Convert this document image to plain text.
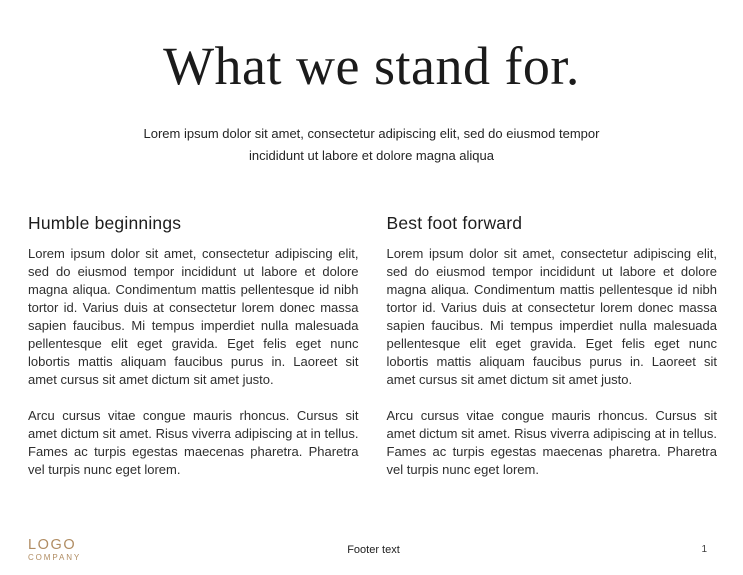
What we stand for.

Lorem ipsum dolor sit amet, consectetur adipiscing elit, sed do eiusmod tempor incididunt ut labore et dolore magna aliqua

Humble beginnings

Lorem ipsum dolor sit amet, consectetur adipiscing elit, sed do eiusmod tempor incididunt ut labore et dolore magna aliqua. Condimentum mattis pellentesque id nibh tortor id. Varius duis at consectetur lorem donec massa sapien faucibus. Mi tempus imperdiet nulla malesuada pellentesque elit eget gravida. Eget felis eget nunc lobortis mattis aliquam faucibus purus in. Laoreet sit amet cursus sit amet dictum sit amet justo.

Arcu cursus vitae congue mauris rhoncus. Cursus sit amet dictum sit amet. Risus viverra adipiscing at in tellus. Fames ac turpis egestas maecenas pharetra. Pharetra vel turpis nunc eget lorem.

Best foot forward

Lorem ipsum dolor sit amet, consectetur adipiscing elit, sed do eiusmod tempor incididunt ut labore et dolore magna aliqua. Condimentum mattis pellentesque id nibh tortor id. Varius duis at consectetur lorem donec massa sapien faucibus. Mi tempus imperdiet nulla malesuada pellentesque elit eget gravida. Eget felis eget nunc lobortis mattis aliquam faucibus purus in. Laoreet sit amet cursus sit amet dictum sit amet justo.

Arcu cursus vitae congue mauris rhoncus. Cursus sit amet dictum sit amet. Risus viverra adipiscing at in tellus. Fames ac turpis egestas maecenas pharetra. Pharetra vel turpis nunc eget lorem.

LOGO
COMPANY
Footer text	1
